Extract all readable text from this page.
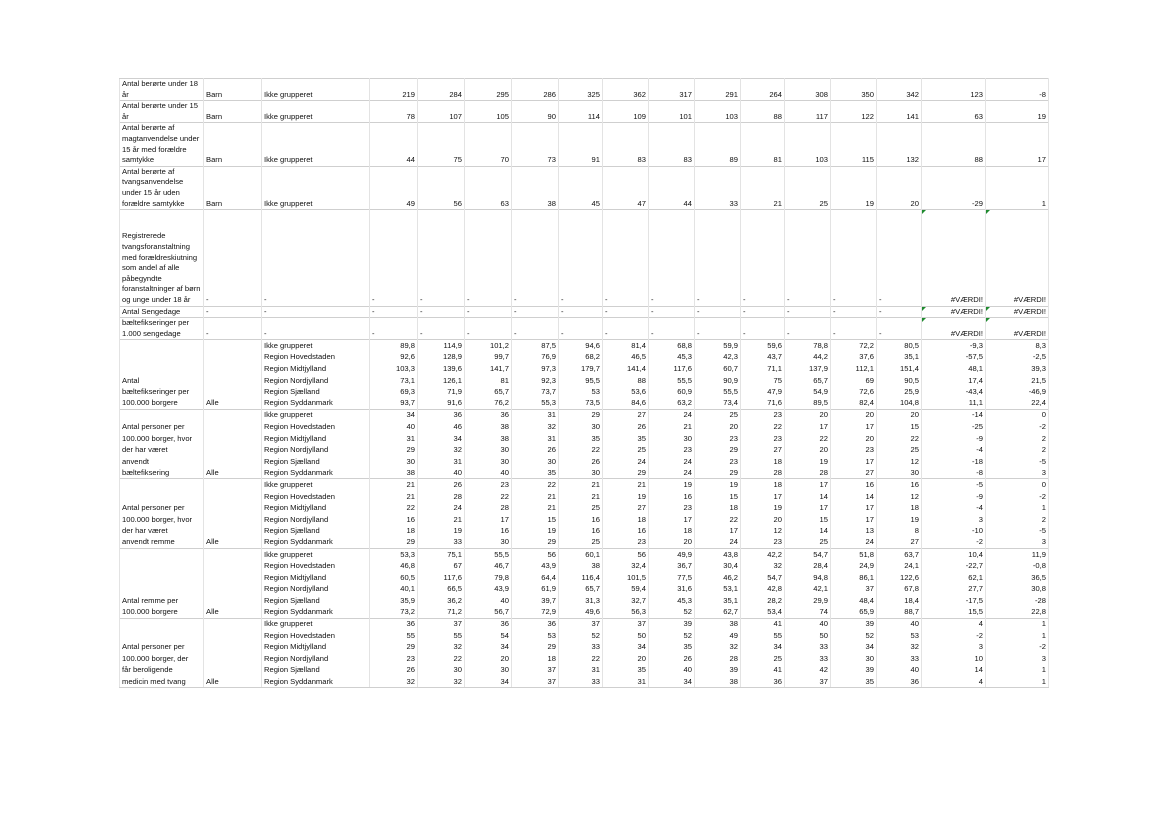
Antal berørte under 18 år	Barn	Ikke grupperet	219	284	295	286	325	362	317	291	264	308	350	342	123	-8
Antal berørte under 15 år	Barn	Ikke grupperet	78	107	105	90	114	109	101	103	88	117	122	141	63	19
Antal berørte af magtanvendelse under 15 år med forældre samtykke	Barn	Ikke grupperet	44	75	70	73	91	83	83	89	81	103	115	132	88	17
Antal berørte af tvangsanvendelse under 15 år uden forældre samtykke	Barn	Ikke grupperet	49	56	63	38	45	47	44	33	21	25	19	20	-29	1
Registrerede tvangsforanstaltning med forældreskiutning som andel af alle påbegyndte foranstaltninger af børn og unge under 18 år	-	-	-	-	-	-	-	-	-	-	-	-	-	-	#VÆRDI!	#VÆRDI!
Antal Sengedage	-	-	-	-	-	-	-	-	-	-	-	-	-	-	#VÆRDI!	#VÆRDI!
bæltefikseringer per 1.000 sengedage	-	-	-	-	-	-	-	-	-	-	-	-	-	-	#VÆRDI!	#VÆRDI!
		Ikke grupperet	89,8	114,9	101,2	87,5	94,6	81,4	68,8	59,9	59,6	78,8	72,2	80,5	-9,3	8,3
		Region Hovedstaden	92,6	128,9	99,7	76,9	68,2	46,5	45,3	42,3	43,7	44,2	37,6	35,1	-57,5	-2,5
		Region Midtjylland	103,3	139,6	141,7	97,3	179,7	141,4	117,6	60,7	71,1	137,9	112,1	151,4	48,1	39,3
Antal		Region Nordjylland	73,1	126,1	81	92,3	95,5	88	55,5	90,9	75	65,7	69	90,5	17,4	21,5
bæltefikseringer per		Region Sjælland	69,3	71,9	65,7	73,7	53	53,6	60,9	55,5	47,9	54,9	72,6	25,9	-43,4	-46,9
100.000 borgere	Alle	Region Syddanmark	93,7	91,6	76,2	55,3	73,5	84,6	63,2	73,4	71,6	89,5	82,4	104,8	11,1	22,4
		Ikke grupperet	34	36	36	31	29	27	24	25	23	20	20	20	-14	0
Antal personer per		Region Hovedstaden	40	46	38	32	30	26	21	20	22	17	17	15	-25	-2
100.000 borger, hvor		Region Midtjylland	31	34	38	31	35	35	30	23	23	22	20	22	-9	2
der har været		Region Nordjylland	29	32	30	26	22	25	23	29	27	20	23	25	-4	2
anvendt		Region Sjælland	30	31	30	30	26	24	24	23	18	19	17	12	-18	-5
bæltefiksering	Alle	Region Syddanmark	38	40	40	35	30	29	24	29	28	28	27	30	-8	3
		Ikke grupperet	21	26	23	22	21	21	19	19	18	17	16	16	-5	0
		Region Hovedstaden	21	28	22	21	21	19	16	15	17	14	14	12	-9	-2
Antal personer per		Region Midtjylland	22	24	28	21	25	27	23	18	19	17	17	18	-4	1
100.000 borger, hvor		Region Nordjylland	16	21	17	15	16	18	17	22	20	15	17	19	3	2
der har været		Region Sjælland	18	19	16	19	16	16	18	17	12	14	13	8	-10	-5
anvendt remme	Alle	Region Syddanmark	29	33	30	29	25	23	20	24	23	25	24	27	-2	3
		Ikke grupperet	53,3	75,1	55,5	56	60,1	56	49,9	43,8	42,2	54,7	51,8	63,7	10,4	11,9
		Region Hovedstaden	46,8	67	46,7	43,9	38	32,4	36,7	30,4	32	28,4	24,9	24,1	-22,7	-0,8
		Region Midtjylland	60,5	117,6	79,8	64,4	116,4	101,5	77,5	46,2	54,7	94,8	86,1	122,6	62,1	36,5
		Region Nordjylland	40,1	66,5	43,9	61,9	65,7	59,4	31,6	53,1	42,8	42,1	37	67,8	27,7	30,8
Antal remme per		Region Sjælland	35,9	36,2	40	39,7	31,3	32,7	45,3	35,1	28,2	29,9	48,4	18,4	-17,5	-28
100.000 borgere	Alle	Region Syddanmark	73,2	71,2	56,7	72,9	49,6	56,3	52	62,7	53,4	74	65,9	88,7	15,5	22,8
		Ikke grupperet	36	37	36	36	37	37	39	38	41	40	39	40	4	1
		Region Hovedstaden	55	55	54	53	52	50	52	49	55	50	52	53	-2	1
Antal personer per		Region Midtjylland	29	32	34	29	33	34	35	32	34	33	34	32	3	-2
100.000 borger, der		Region Nordjylland	23	22	20	18	22	20	26	28	25	33	30	33	10	3
får beroligende		Region Sjælland	26	30	30	37	31	35	40	39	41	42	39	40	14	1
medicin med tvang	Alle	Region Syddanmark	32	32	34	37	33	31	34	38	36	37	35	36	4	1
